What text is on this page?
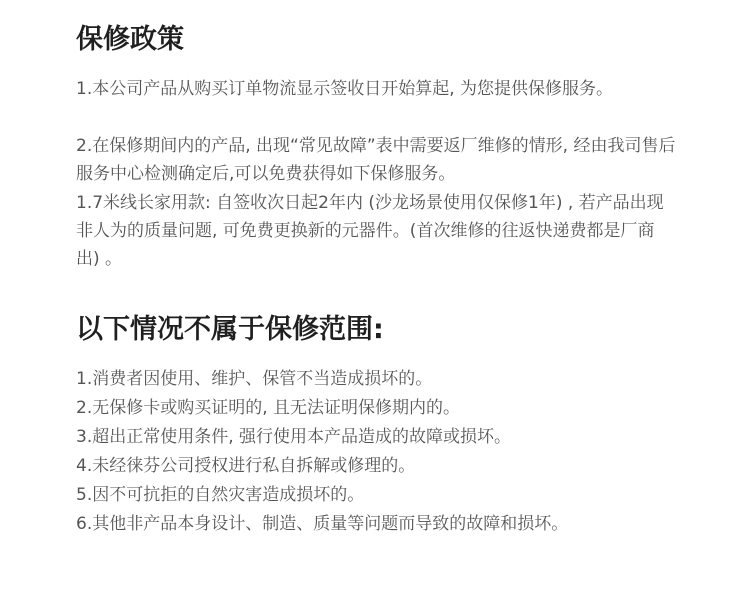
保修政策

1.本公司产品从购买订单物流显示签收日开始算起, 为您提供保修服务。

2.在保修期间内的产品, 出现“常见故障”表中需要返厂维修的情形, 经由我司售后服务中心检测确定后,可以免费获得如下保修服务。

1.7米线长家用款: 自签收次日起2年内 (沙龙场景使用仅保修1年) , 若产品出现非人为的质量问题, 可免费更换新的元器件。(首次维修的往返快递费都是厂商出) 。

以下情况不属于保修范围:
1.消费者因使用、维护、保管不当造成损坏的。
2.无保修卡或购买证明的, 且无法证明保修期内的。
3.超出正常使用条件, 强行使用本产品造成的故障或损坏。
4.未经徕芬公司授权进行私自拆解或修理的。
5.因不可抗拒的自然灾害造成损坏的。
6.其他非产品本身设计、制造、质量等问题而导致的故障和损坏。
